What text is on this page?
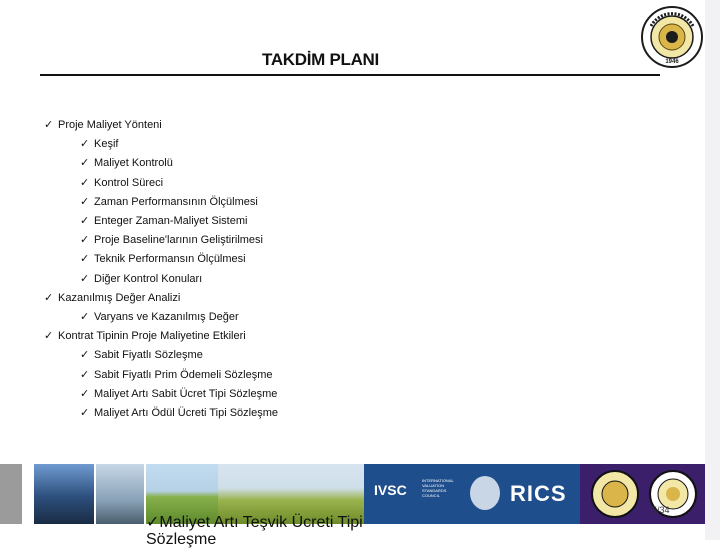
TAKDİM PLANI	1946
✓ Proje Maliyet Yönteni
✓ Keşif
✓ Maliyet Kontrolü
✓ Kontrol Süreci
✓ Zaman Performansının Ölçülmesi
✓ Enteger Zaman-Maliyet Sistemi
✓ Proje Baseline'larının Geliştirilmesi
✓ Teknik Performansın Ölçülmesi
✓ Diğer Kontrol Konuları
✓ Kazanılmış Değer Analizi
✓ Varyans ve Kazanılmış Değer
✓ Kontrat Tipinin Proje Maliyetine Etkileri
✓ Sabit Fiyatlı Sözleşme
✓ Sabit Fiyatlı Prim Ödemeli Sözleşme
✓ Maliyet Artı Sabit Ücret Tipi Sözleşme
✓ Maliyet Artı Ödül Ücreti Tipi Sözleşme
IVSC
INTERNATIONAL VALUATION STANDARDS COUNCIL	RICS
✓Maliyet Artı Teşvik Ücreti Tipi
Sözleşme
5/34
